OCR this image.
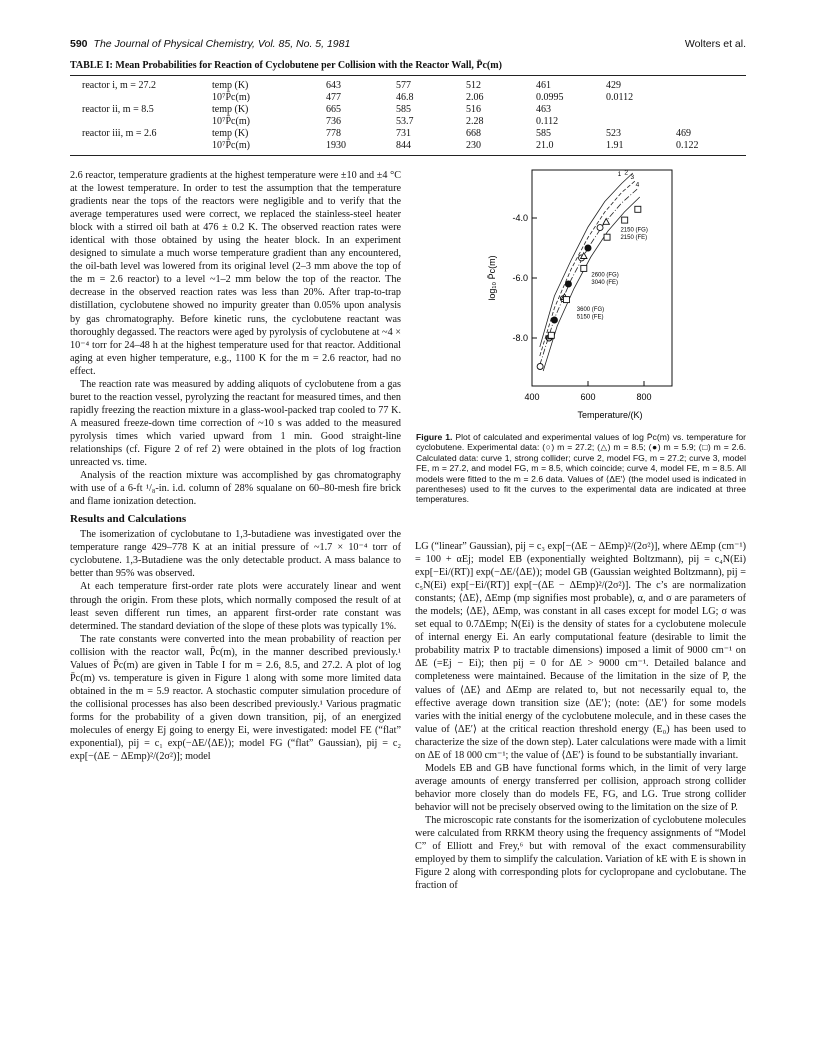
590 The Journal of Physical Chemistry, Vol. 85, No. 5, 1981	Wolters et al.
TABLE I: Mean Probabilities for Reaction of Cyclobutene per Collision with the Reactor Wall, P̄c(m)
reactor i, m = 27.2	temp (K)	643	577	512	461	429	
	10⁷P̄c(m)	477	46.8	2.06	0.0995	0.0112	
reactor ii, m = 8.5	temp (K)	665	585	516	463		
	10⁷P̄c(m)	736	53.7	2.28	0.112		
reactor iii, m = 2.6	temp (K)	778	731	668	585	523	469
	10⁷P̄c(m)	1930	844	230	21.0	1.91	0.122

2.6 reactor, temperature gradients at the highest temperature were ±10 and ±4 °C at the lowest temperature. In order to test the assumption that the temperature gradients near the tops of the reactors were negligible and to verify that the average temperatures used were correct, we replaced the stainless-steel heater block with a stirred oil bath at 476 ± 0.2 K. The observed reaction rates were identical with those obtained by using the heater block. In an experiment designed to simulate a much worse temperature gradient than any encountered, the oil-bath level was lowered from its original level (2–3 mm above the top of the m = 2.6 reactor) to a level ~1–2 mm below the top of the reactor. The decrease in the observed reaction rates was less than 20%. After trap-to-trap distillation, cyclobutene showed no impurity greater than 0.05% upon analysis by gas chromatography. Before kinetic runs, the cyclobutene reactant was thoroughly degassed. The reactors were aged by pyrolysis of cyclobutene at ~4 × 10⁻⁴ torr for 24–48 h at the highest temperature used for that reactor. Additional aging at even higher temperature, e.g., 1100 K for the m = 2.6 reactor, had no effect.

The reaction rate was measured by adding aliquots of cyclobutene from a gas buret to the reaction vessel, pyrolyzing the reactant for measured times, and then rapidly freezing the reaction mixture in a glass-wool-packed trap cooled to 77 K. A measured freeze-down time correction of ~10 s was added to the measured pyrolysis times which varied upward from 1 min. Good straight-line relationships (cf. Figure 2 of ref 2) were obtained in the plots of log fraction unreacted vs. time.

Analysis of the reaction mixture was accomplished by gas chromatography with use of a 6-ft ¹/₈-in. i.d. column of 28% squalane on 60–80-mesh fire brick and flame ionization detection.

Results and Calculations

The isomerization of cyclobutane to 1,3-butadiene was investigated over the temperature range 429–778 K at an initial pressure of ~1.7 × 10⁻⁴ torr of cyclobutene. 1,3-Butadiene was the only detectable product. A mass balance to better than 95% was observed.

At each temperature first-order rate plots were accurately linear and went through the origin. From these plots, which normally composed the result of at least seven different run times, an apparent first-order rate constant was determined. The standard deviation of the slope of these plots was typically 1%.

The rate constants were converted into the mean probability of reaction per collision with the reactor wall, P̄c(m), in the manner described previously.¹ Values of P̄c(m) are given in Table I for m = 2.6, 8.5, and 27.2. A plot of log P̄c(m) vs. temperature is given in Figure 1 along with some more limited data obtained in the m = 5.9 reactor. A stochastic computer simulation procedure of the collisional processes has also been described previously.¹ Various pragmatic forms for the probability of a given down transition, pij, of an energized molecules of energy Ej going to energy Ei, were investigated: model FE (“flat” exponential), pij = c₁ exp(−ΔE/⟨ΔE⟩); model FG (“flat” Gaussian), pij = c₂ exp[−(ΔE − ΔEmp)²/(2σ²)]; model

400	600	800
-4.0
-6.0
-8.0
Temperature/(K)
log₁₀ P̄c(m)
1 2
3
4
2150 (FG)
2150 (FE)
2600 (FG)
3040 (FE)
3600 (FG)
5150 (FE)
Figure 1. Plot of calculated and experimental values of log P̄c(m) vs. temperature for cyclobutene. Experimental data: (○) m = 27.2; (△) m = 8.5; (●) m = 5.9; (□) m = 2.6. Calculated data: curve 1, strong collider; curve 2, model FG, m = 27.2; curve 3, model FE, m = 27.2, and model FG, m = 8.5, which coincide; curve 4, model FE, m = 8.5. All models were fitted to the m = 2.6 data. Values of ⟨ΔE′⟩ (the model used is indicated in parentheses) used to fit the curves to the experimental data are indicated at three temperatures.

LG (“linear” Gaussian), pij = c₃ exp[−(ΔE − ΔEmp)²/(2σ²)], where ΔEmp (cm⁻¹) = 100 + αEj; model EB (exponentially weighted Boltzmann), pij = c₄N(Ei) exp[−Ei/(RT)] exp(−ΔE/⟨ΔE⟩); model GB (Gaussian weighted Boltzmann), pij = c₅N(Ei) exp[−Ei/(RT)] exp[−(ΔE − ΔEmp)²/(2σ²)]. The c’s are normalization constants; ⟨ΔE⟩, ΔEmp (mp signifies most probable), α, and σ are parameters of the models; ⟨ΔE⟩, ΔEmp, was constant in all cases except for model LG; σ was set equal to 0.7ΔEmp; N(Ei) is the density of states for a cyclobutene molecule of internal energy Ei. An early computational feature (desirable to limit the probability matrix P to tractable dimensions) imposed a limit of 9000 cm⁻¹ on ΔE (=Ej − Ei); then pij = 0 for ΔE > 9000 cm⁻¹. Detailed balance and completeness were maintained. Because of the limitation in the size of P, the values of ⟨ΔE⟩ and ΔEmp are related to, but not necessarily equal to, the effective average down transition size ⟨ΔE′⟩; (note: ⟨ΔE′⟩ for some models varies with the initial energy of the cyclobutene molecule, and in these cases the value of ⟨ΔE′⟩ at the critical reaction threshold energy (E₀) has been used to characterize the size of the down step). Later calculations were made with a limit on ΔE of 18 000 cm⁻¹; the value of ⟨ΔE′⟩ is found to be substantially invariant.

Models EB and GB have functional forms which, in the limit of very large average amounts of energy transferred per collision, approach strong collider behavior more closely than do models FE, FG, and LG. True strong collider behavior will not be precisely observed owing to the limitation on the size of P.

The microscopic rate constants for the isomerization of cyclobutene molecules were calculated from RRKM theory using the frequency assignments of “Model C” of Elliott and Frey,⁶ but with removal of the exact commensurability employed by them to simplify the calculation. Variation of kE with E is shown in Figure 2 along with corresponding plots for cyclopropane and cyclobutane. The fraction of
